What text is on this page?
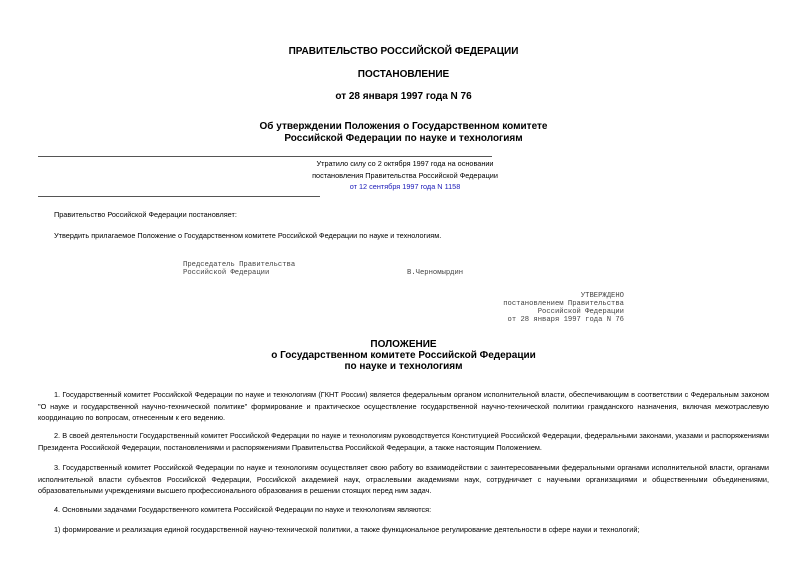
ПРАВИТЕЛЬСТВО РОССИЙСКОЙ ФЕДЕРАЦИИ
ПОСТАНОВЛЕНИЕ
от 28 января 1997 года N 76
Об утверждении Положения о Государственном комитете
Российской Федерации по науке и технологиям
Утратило силу со 2 октября 1997 года на основании
постановления Правительства Российской Федерации
от 12 сентября 1997 года N 1158
Правительство Российской Федерации постановляет:
Утвердить прилагаемое Положение о Государственном комитете Российской Федерации по науке и технологиям.
Председатель Правительства
Российской Федерации	В.Черномырдин
УТВЕРЖДЕНО
постановлением Правительства
Российской Федерации
от 28 января 1997 года N 76
ПОЛОЖЕНИЕ
о Государственном комитете Российской Федерации
по науке и технологиям
1. Государственный комитет Российской Федерации по науке и технологиям (ГКНТ России) является федеральным органом исполнительной власти, обеспечивающим в соответствии с Федеральным законом "О науке и государственной научно-технической политике" формирование и практическое осуществление государственной научно-технической политики гражданского назначения, включая межотраслевую координацию по вопросам, отнесенным к его ведению.
2. В своей деятельности Государственный комитет Российской Федерации по науке и технологиям руководствуется Конституцией Российской Федерации, федеральными законами, указами и распоряжениями Президента Российской Федерации, постановлениями и распоряжениями Правительства Российской Федерации, а также настоящим Положением.
3. Государственный комитет Российской Федерации по науке и технологиям осуществляет свою работу во взаимодействии с заинтересованными федеральными органами исполнительной власти, органами исполнительной власти субъектов Российской Федерации, Российской академией наук, отраслевыми академиями наук, сотрудничает с научными организациями и общественными объединениями, образовательными учреждениями высшего профессионального образования в решении стоящих перед ним задач.
4. Основными задачами Государственного комитета Российской Федерации по науке и технологиям являются:
1) формирование и реализация единой государственной научно-технической политики, а также функциональное регулирование деятельности в сфере науки и технологий;
